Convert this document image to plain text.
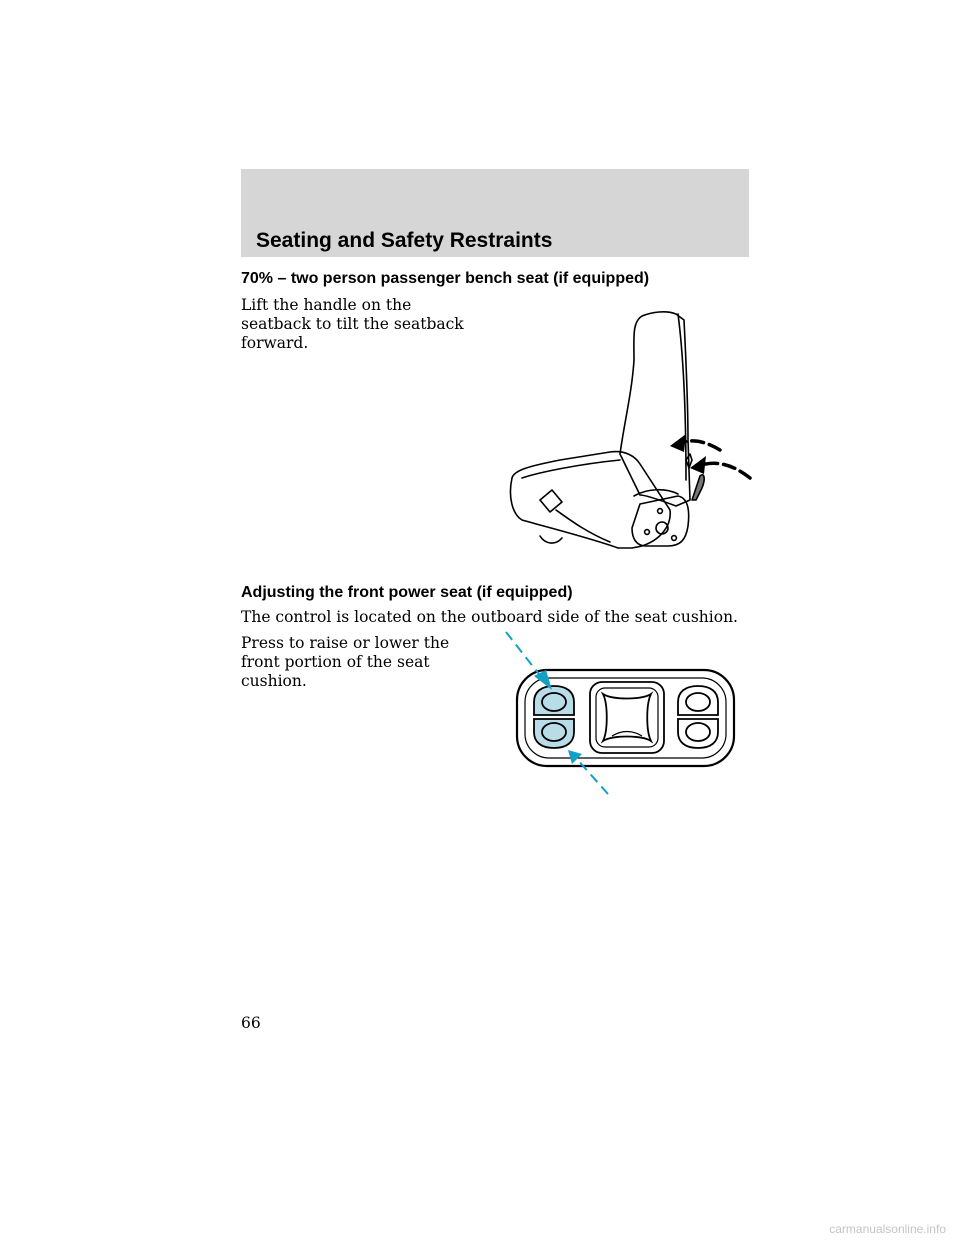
Seating and Safety Restraints
70% – two person passenger bench seat (if equipped)

Lift the handle on the seatback to tilt the seatback forward.

Adjusting the front power seat (if equipped)

The control is located on the outboard side of the seat cushion.

Press to raise or lower the front portion of the seat cushion.

66

carmanualsonline.info
